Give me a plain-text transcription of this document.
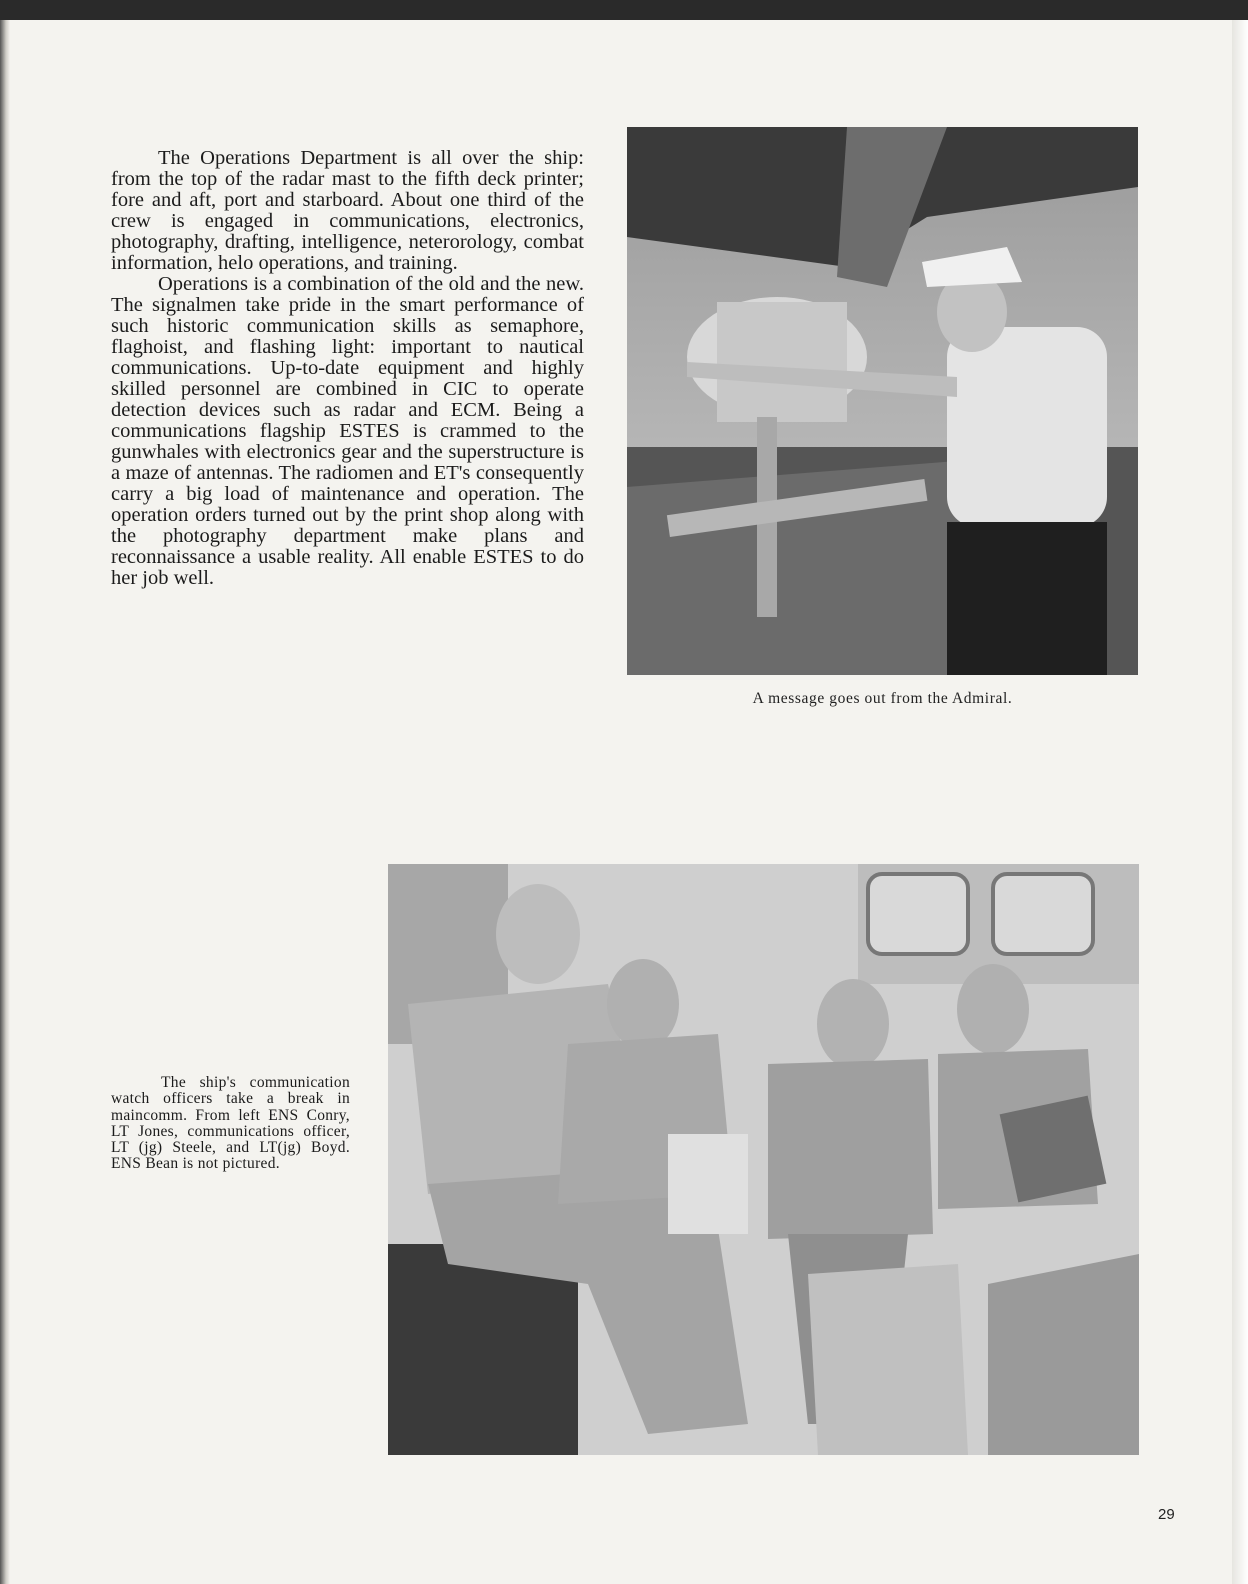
The Operations Department is all over the ship: from the top of the radar mast to the fifth deck printer; fore and aft, port and starboard. About one third of the crew is engaged in communications, electronics, photography, drafting, intelligence, neterorology, combat information, helo operations, and training.

Operations is a combination of the old and the new. The signalmen take pride in the smart performance of such historic communication skills as semaphore, flaghoist, and flashing light: important to nautical communications. Up-to-date equipment and highly skilled personnel are combined in CIC to operate detection devices such as radar and ECM. Being a communications flagship ESTES is crammed to the gunwhales with electronics gear and the superstructure is a maze of antennas. The radiomen and ET's consequently carry a big load of maintenance and operation. The operation orders turned out by the print shop along with the photography department make plans and reconnaissance a usable reality. All enable ESTES to do her job well.

A message goes out from the Admiral.
The ship's communication watch officers take a break in maincomm. From left ENS Conry, LT Jones, communications officer, LT (jg) Steele, and LT(jg) Boyd. ENS Bean is not pictured.
29
